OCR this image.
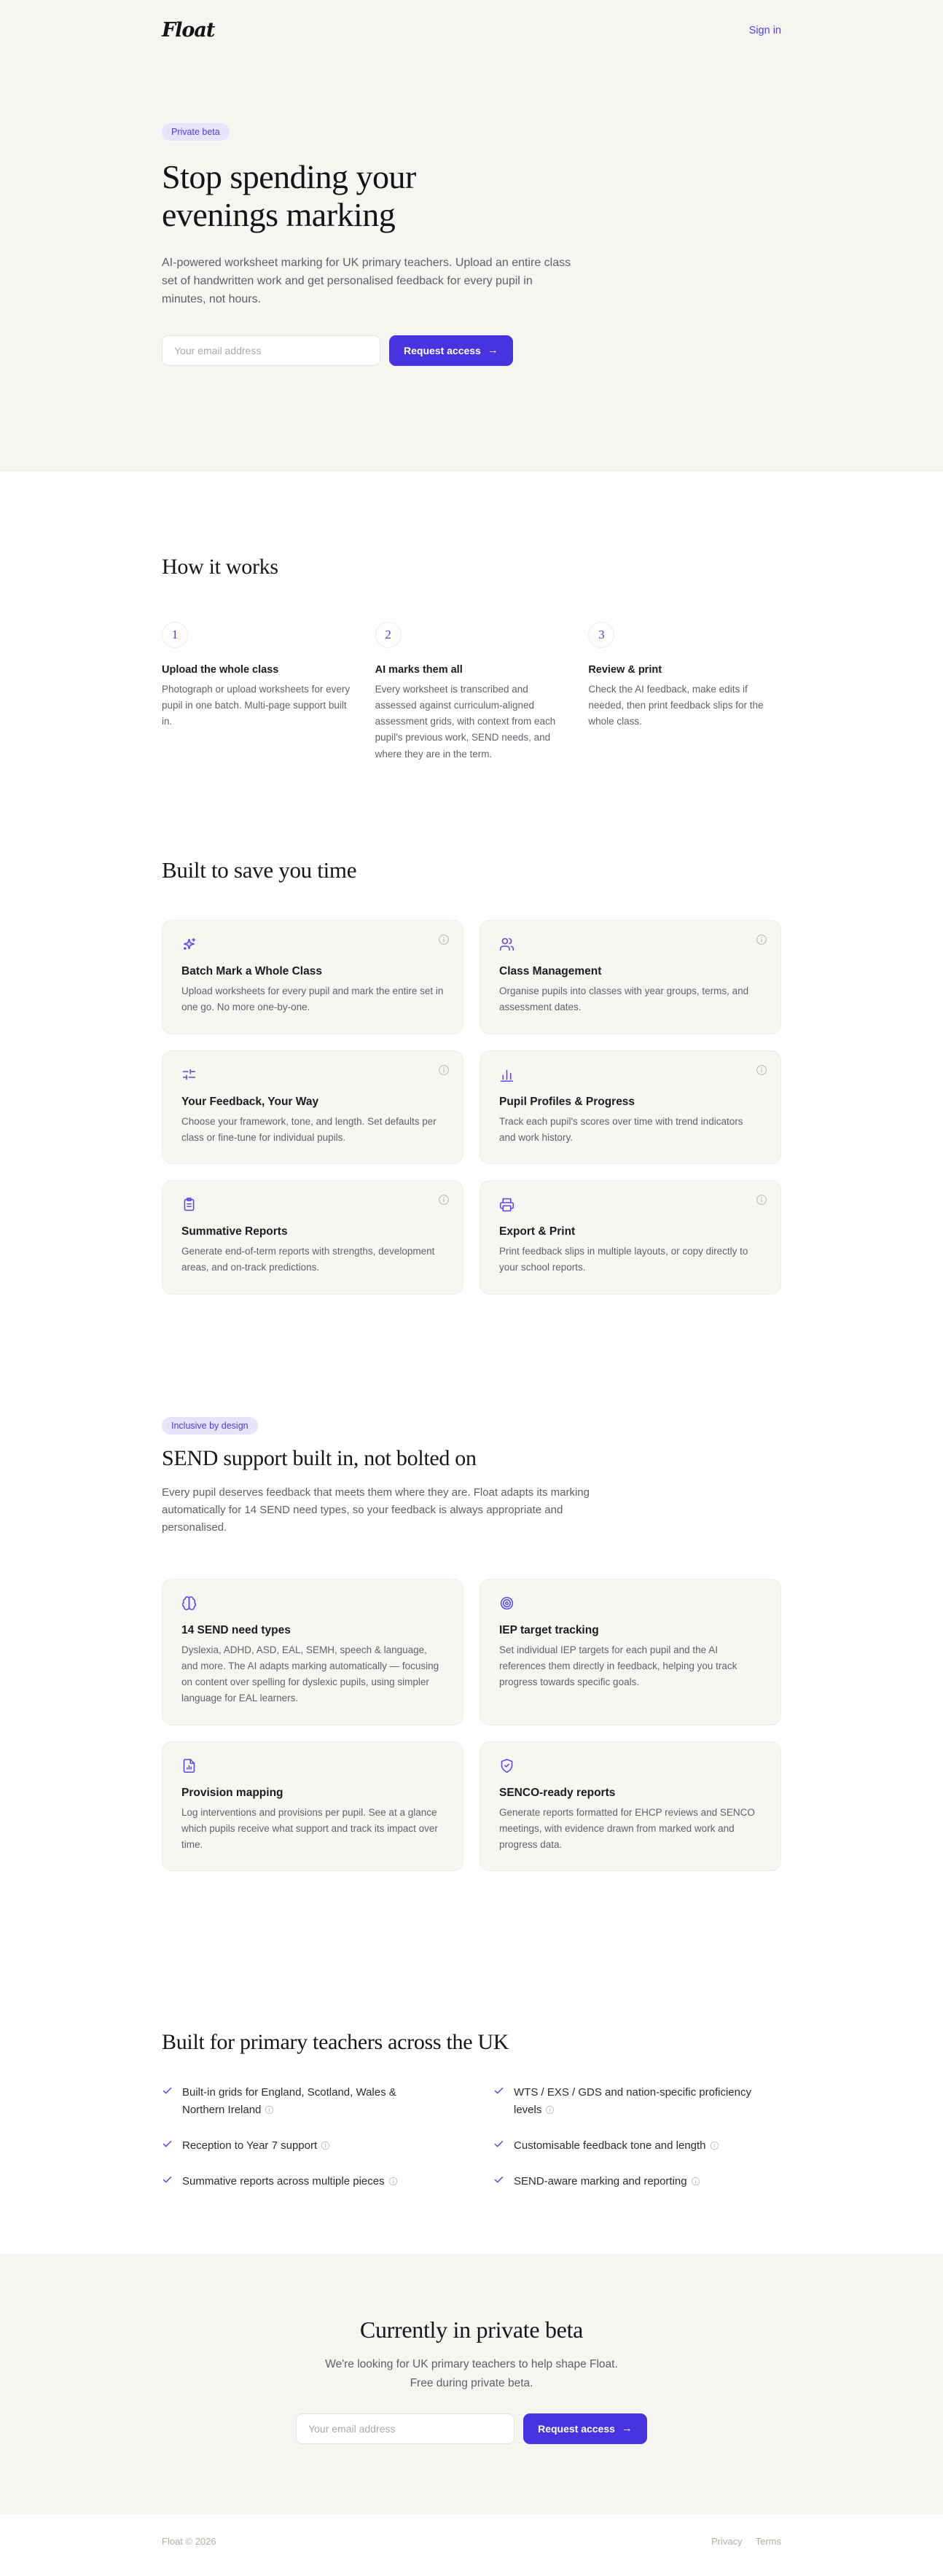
Float	Sign in
Private beta
Stop spending your
evenings marking

AI-powered worksheet marking for UK primary teachers. Upload an entire class set of handwritten work and get personalised feedback for every pupil in minutes, not hours.

Your email address
Request access →
How it works
1
Upload the whole class
Photograph or upload worksheets for every pupil in one batch. Multi-page support built in.
2
AI marks them all
Every worksheet is transcribed and assessed against curriculum-aligned assessment grids, with context from each pupil's previous work, SEND needs, and where they are in the term.
3
Review & print
Check the AI feedback, make edits if needed, then print feedback slips for the whole class.
Built to save you time
Batch Mark a Whole Class
Upload worksheets for every pupil and mark the entire set in one go. No more one-by-one.
Class Management
Organise pupils into classes with year groups, terms, and assessment dates.
Your Feedback, Your Way
Choose your framework, tone, and length. Set defaults per class or fine-tune for individual pupils.
Pupil Profiles & Progress
Track each pupil's scores over time with trend indicators and work history.
Summative Reports
Generate end-of-term reports with strengths, development areas, and on-track predictions.
Export & Print
Print feedback slips in multiple layouts, or copy directly to your school reports.
Inclusive by design
SEND support built in, not bolted on

Every pupil deserves feedback that meets them where they are. Float adapts its marking automatically for 14 SEND need types, so your feedback is always appropriate and personalised.

14 SEND need types
Dyslexia, ADHD, ASD, EAL, SEMH, speech & language, and more. The AI adapts marking automatically — focusing on content over spelling for dyslexic pupils, using simpler language for EAL learners.
IEP target tracking
Set individual IEP targets for each pupil and the AI references them directly in feedback, helping you track progress towards specific goals.
Provision mapping
Log interventions and provisions per pupil. See at a glance which pupils receive what support and track its impact over time.
SENCO-ready reports
Generate reports formatted for EHCP reviews and SENCO meetings, with evidence drawn from marked work and progress data.
Built for primary teachers across the UK
Built-in grids for England, Scotland, Wales & Northern Ireland
WTS / EXS / GDS and nation-specific proficiency levels
Reception to Year 7 support	Customisable feedback tone and length
Summative reports across multiple pieces	SEND-aware marking and reporting
Currently in private beta

We're looking for UK primary teachers to help shape Float.
Free during private beta.

Your email address
Request access →
Float © 2026	Privacy Terms
